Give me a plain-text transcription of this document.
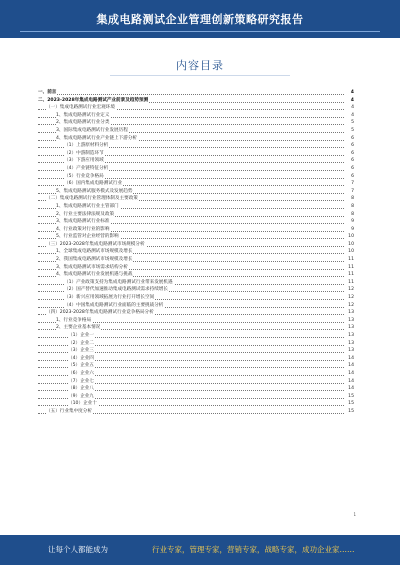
集成电路测试企业管理创新策略研究报告
内容目录
一、前言	4
二、2023-2028年集成电路测试产业前景及趋势预测	4
（一）集成电路测试行业宏观环境	4
1、集成电路测试行业定义	4
2、集成电路测试行业分类	5
3、国际集成电路测试行业发展历程	5
4、集成电路测试行业产业链上下游分析	6
（1）上游原材料分析	6
（2）中游制造环节	6
（3）下游应用领域	6
（4）产业链特征分析	6
（5）行业竞争格局	6
（6）国内集成电路测试行业	7
5、集成电路测试服务模式及发展趋势	7
（二）集成电路测试行业管理体制及主要政策	8
1、集成电路测试行业主管部门	8
2、行业主要法律法规及政策	8
3、集成电路测试行业标准	9
4、行业政策对行业的影响	9
5、行业监管对企业经营的影响	10
（三）2023-2028年集成电路测试市场规模分析	10
1、全球集成电路测试市场规模及增长	10
2、我国集成电路测试市场规模及增长	11
3、集成电路测试市场需求结构分析	11
4、集成电路测试行业发展机遇与挑战	11
（1）产业政策支持为集成电路测试行业带来发展机遇	11
（2）国产替代加速推动集成电路测试需求持续增长	12
（3）新兴应用领域拓展为行业打开增长空间	12
（4）中国集成电路测试行业面临的主要挑战分析	12
（四）2023-2028年集成电路测试行业竞争格局分析	13
1、行业竞争格局	13
2、主要企业基本情况	13
（1）企业一	13
（2）企业二	13
（3）企业三	13
（4）企业四	14
（5）企业五	14
（6）企业六	14
（7）企业七	14
（8）企业八	14
（9）企业九	15
（10）企业十	15
（五）行业集中度分析	15
1
让每个人都能成为	行业专家，管理专家，营销专家，战略专家，成功企业家……
